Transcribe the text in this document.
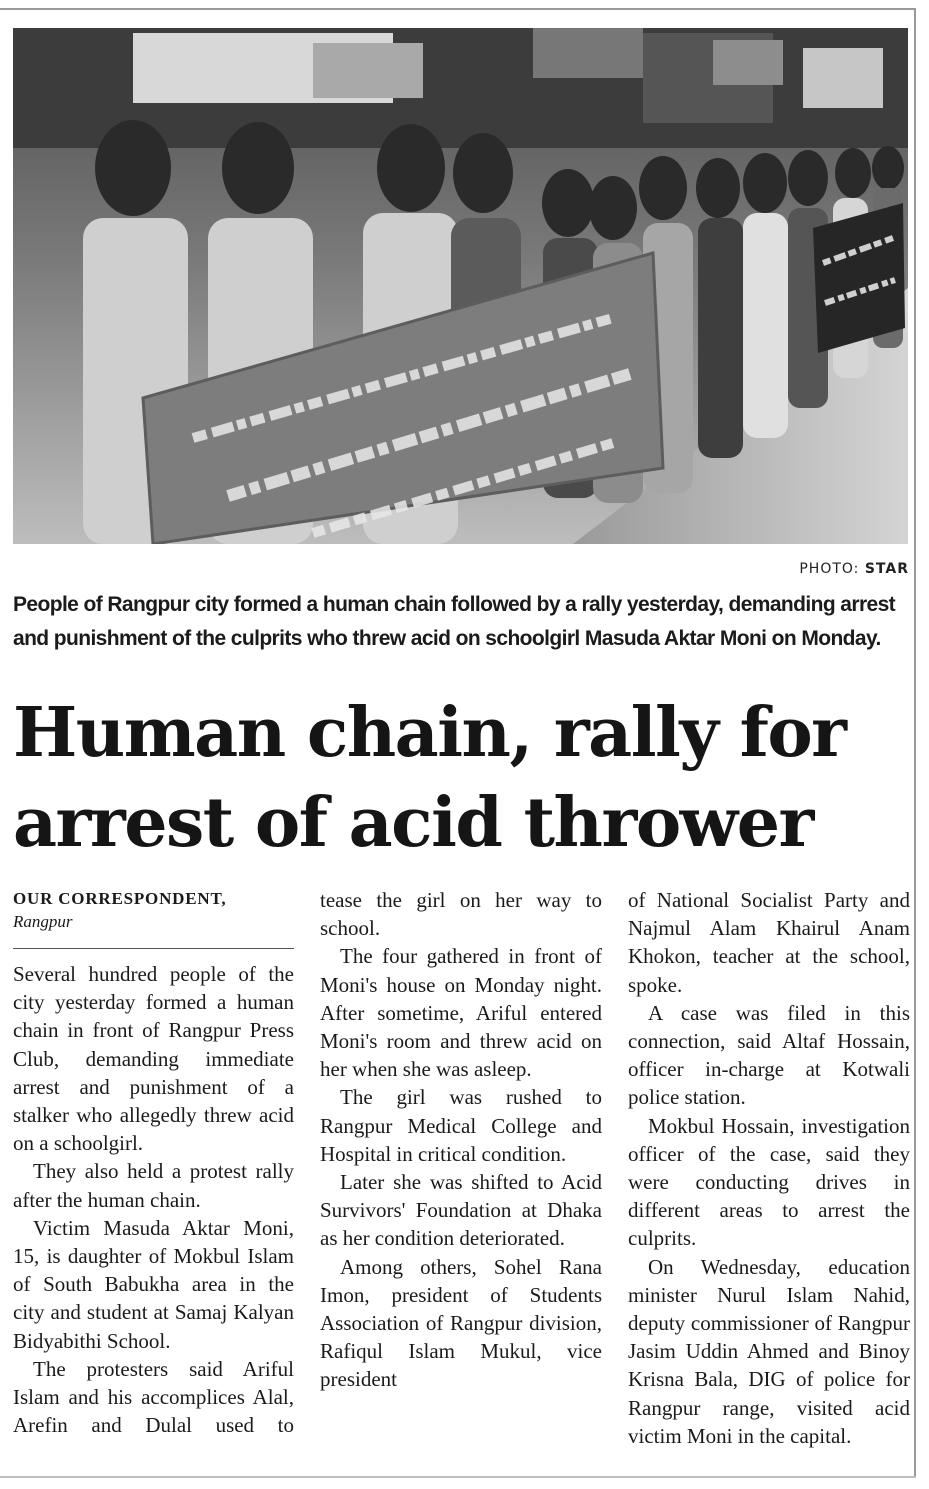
PHOTO: STAR

People of Rangpur city formed a human chain followed by a rally yesterday, demanding arrest

and punishment of the culprits who threw acid on schoolgirl Masuda Aktar Moni on Monday.

Human chain, rally for
arrest of acid thrower
OUR CORRESPONDENT,
Rangpur

Several hundred people of the city yesterday formed a human chain in front of Rangpur Press Club, demanding immediate arrest and punishment of a stalker who allegedly threw acid on a schoolgirl.

They also held a protest rally after the human chain.

Victim Masuda Aktar Moni, 15, is daughter of Mokbul Islam of South Babukha area in the city and student at Samaj Kalyan Bidyabithi School.

The protesters said Ariful Islam and his accomplices Alal, Arefin and Dulal used to

tease the girl on her way to school.

The four gathered in front of Moni's house on Monday night. After sometime, Ariful entered Moni's room and threw acid on her when she was asleep.

The girl was rushed to Rangpur Medical College and Hospital in critical condition.

Later she was shifted to Acid Survivors' Foundation at Dhaka as her condition deteriorated.

Among others, Sohel Rana Imon, president of Students Association of Rangpur division, Rafiqul Islam Mukul, vice president

of National Socialist Party and Najmul Alam Khairul Anam Khokon, teacher at the school, spoke.

A case was filed in this connection, said Altaf Hossain, officer in-charge at Kotwali police station.

Mokbul Hossain, investigation officer of the case, said they were conducting drives in different areas to arrest the culprits.

On Wednesday, education minister Nurul Islam Nahid, deputy commissioner of Rangpur Jasim Uddin Ahmed and Binoy Krisna Bala, DIG of police for Rangpur range, visited acid victim Moni in the capital.
